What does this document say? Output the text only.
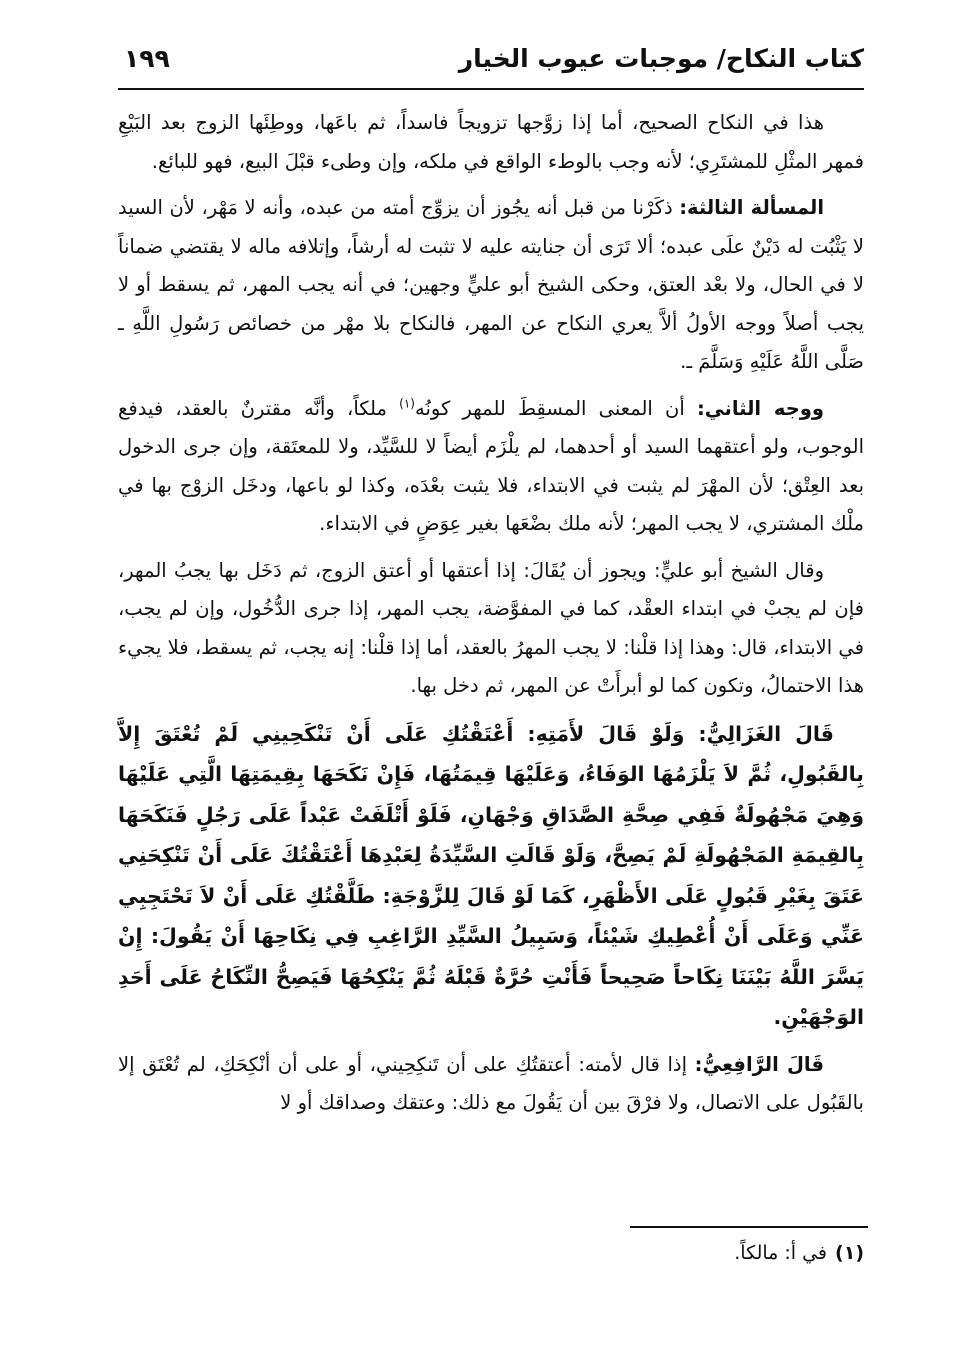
كتاب النكاح/ موجبات عيوب الخيار
١٩٩

هذا في النكاح الصحيح، أما إذا زوَّجها تزويجاً فاسداً، ثم باعَها، ووطِئَها الزوج بعد البَيْعِ فمهر المثْلِ للمشتَرِي؛ لأنه وجب بالوطء الواقع في ملكه، وإن وطىء قبْلَ البيع، فهو للبائع.

المسألة الثالثة: ذكَرْنا من قبل أنه يجُوز أن يزوِّج أمته من عبده، وأنه لا مَهْر، لأن السيد لا يَثْبُت له دَيْنٌ علَى عبده؛ ألا تَرَى أن جنايته عليه لا تثبت له أرشاً، وإتلافه ماله لا يقتضي ضماناً لا في الحال، ولا بعْد العتق، وحكى الشيخ أبو عليٍّ وجهين؛ في أنه يجب المهر، ثم يسقط أو لا يجب أصلاً ووجه الأولُ ألاَّ يعري النكاح عن المهر، فالنكاح بلا مهْر من خصائص رَسُولِ اللَّهِ ـ صَلَّى اللَّهُ عَلَيْهِ وَسَلَّمَ ـ.

ووجه الثاني: أن المعنى المسقِطَ للمهر كونُه$^{(١)}$ ملكاً، وأنَّه مقترنٌ بالعقد، فيدفع الوجوب، ولو أعتقهما السيد أو أحدهما، لم يلْزَم أيضاً لا للسَّيِّد، ولا للمعتَقة، وإن جرى الدخول بعد العِتْق؛ لأن المهْرَ لم يثبت في الابتداء، فلا يثبت بعْدَه، وكذا لو باعها، ودخَل الزوْج بها في ملْك المشتري، لا يجب المهر؛ لأنه ملك بضْعَها بغير عِوَضٍ في الابتداء.

وقال الشيخ أبو عليٍّ: ويجوز أن يُقَالَ: إذا أعتقها أو أعتق الزوج، ثم دَخَل بها يجبُ المهر، فإن لم يجبْ في ابتداء العقْد، كما في المفوَّضة، يجب المهر، إذا جرى الدُّخُول، وإن لم يجب، في الابتداء، قال: وهذا إذا قلْنا: لا يجب المهرُ بالعقد، أما إذا قلْنا: إنه يجب، ثم يسقط، فلا يجيء هذا الاحتمالُ، وتكون كما لو أبرأَتْ عن المهر، ثم دخل بها.

قَالَ الغَزَالِيُّ: وَلَوْ قَالَ لأَمَتِهِ: أَعْتَقْتُكِ عَلَى أَنْ تَنْكَحِينِي لَمْ تُعْتَقَ إِلاَّ بِالقَبُولِ، ثُمَّ لاَ يَلْزَمُهَا الوَفَاءُ، وَعَلَيْهَا قِيمَتُهَا، فَإِنْ نَكَحَهَا بِقِيمَتِهَا الَّتِي عَلَيْهَا وَهِيَ مَجْهُولَةٌ فَفِي صِحَّةِ الصَّدَاقِ وَجْهَانِ، فَلَوْ أَتْلَفَتْ عَبْداً عَلَى رَجُلٍ فَنَكَحَهَا بِالقِيمَةِ المَجْهُولَةِ لَمْ يَصِحَّ، وَلَوْ قَالَتِ السَّيِّدَةُ لِعَبْدِهَا أَعْتَقْتُكَ عَلَى أَنْ تَنْكِحَنِي عَتَقَ بِغَيْرِ قَبُولٍ عَلَى الأَظْهَرِ، كَمَا لَوْ قَالَ لِلزَّوْجَةِ: طَلَّقْتُكِ عَلَى أَنْ لاَ تَحْتَجِبِي عَنِّي وَعَلَى أَنْ أُعْطِيكِ شَيْئاً، وَسَبِيلُ السَّيِّدِ الرَّاغِبِ فِي نِكَاحِهَا أَنْ يَقُولَ: إِنْ يَسَّرَ اللَّهُ بَيْنَنَا نِكَاحاً صَحِيحاً فَأَنْتِ حُرَّةٌ قَبْلَهُ ثُمَّ يَنْكِحُهَا فَيَصِحُّ النِّكَاحُ عَلَى أَحَدِ الوَجْهَيْنِ.

قَالَ الرَّافِعِيُّ: إذا قال لأمته: أعتقتُكِ على أن تَنكِحِيني، أو على أن أنْكِحَكِ، لم تُعْتَق إلا بالقَبُول على الاتصال، ولا فرْقَ بين أن يَقُولَ مع ذلك: وعتقك وصداقك أو لا

(١)في أ: مالكاً.
